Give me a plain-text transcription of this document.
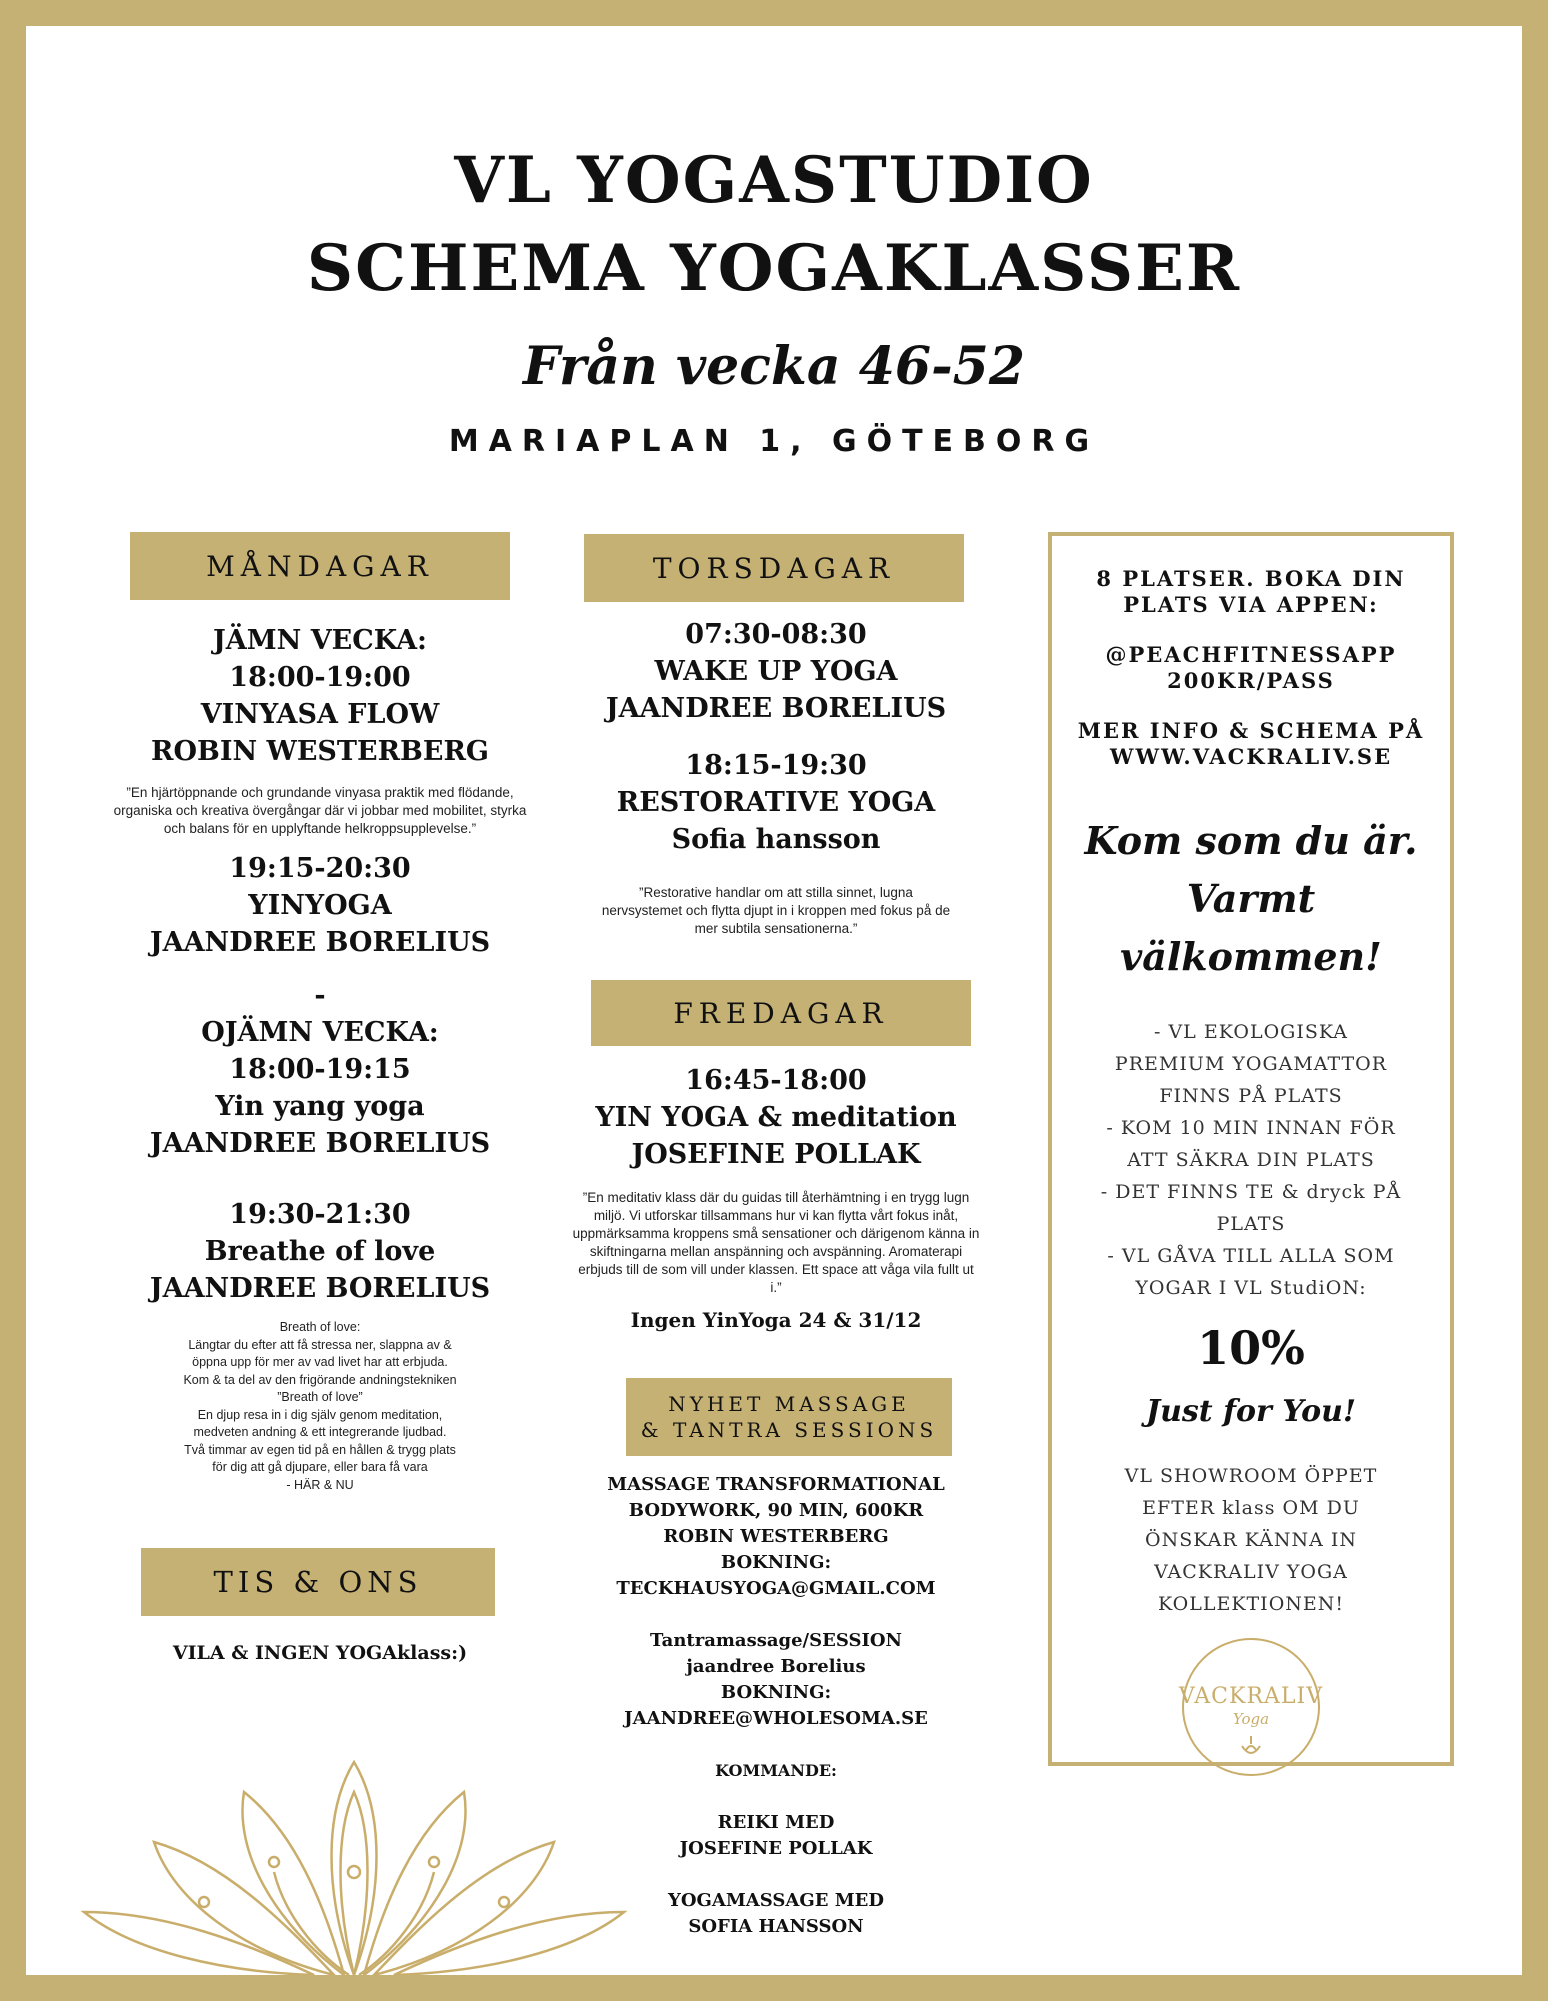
VL YOGASTUDIO
SCHEMA YOGAKLASSER
Från vecka 46-52
MARIAPLAN 1, GÖTEBORG
MÅNDAGAR
JÄMN VECKA:
18:00-19:00
VINYASA FLOW
ROBIN WESTERBERG
”En hjärtöppnande och grundande vinyasa praktik med flödande, organiska och kreativa övergångar där vi jobbar med mobilitet, styrka och balans för en upplyftande helkroppsupplevelse.”
19:15-20:30
YINYOGA
JAANDREE BORELIUS
-
OJÄMN VECKA:
18:00-19:15
Yin yang yoga
JAANDREE BORELIUS
19:30-21:30
Breathe of love
JAANDREE BORELIUS
Breath of love:
Längtar du efter att få stressa ner, slappna av &
öppna upp för mer av vad livet har att erbjuda.
Kom & ta del av den frigörande andningstekniken
”Breath of love”
En djup resa in i dig själv genom meditation,
medveten andning & ett integrerande ljudbad.
Två timmar av egen tid på en hållen & trygg plats
för dig att gå djupare, eller bara få vara
- HÄR & NU
TIS & ONS
VILA & INGEN YOGAklass:)
TORSDAGAR
07:30-08:30
WAKE UP YOGA
JAANDREE BORELIUS
18:15-19:30
RESTORATIVE YOGA
Sofia hansson
”Restorative handlar om att stilla sinnet, lugna nervsystemet och flytta djupt in i kroppen med fokus på de mer subtila sensationerna.”
FREDAGAR
16:45-18:00
YIN YOGA & meditation
JOSEFINE POLLAK
”En meditativ klass där du guidas till återhämtning i en trygg lugn miljö. Vi utforskar tillsammans hur vi kan flytta vårt fokus inåt, uppmärksamma kroppens små sensationer och därigenom känna in skiftningarna mellan anspänning och avspänning. Aromaterapi erbjuds till de som vill under klassen. Ett space att våga vila fullt ut i.”
Ingen YinYoga 24 & 31/12
NYHET MASSAGE
& TANTRA SESSIONS
MASSAGE TRANSFORMATIONAL
BODYWORK, 90 MIN, 600KR
ROBIN WESTERBERG
BOKNING:
TECKHAUSYOGA@GMAIL.COM
Tantramassage/SESSION
jaandree Borelius
BOKNING:
JAANDREE@WHOLESOMA.SE
KOMMANDE:
REIKI MED
JOSEFINE POLLAK
YOGAMASSAGE MED
SOFIA HANSSON
8 PLATSER. BOKA DIN
PLATS VIA APPEN:
@PEACHFITNESSAPP
200KR/PASS
MER INFO & SCHEMA PÅ
WWW.VACKRALIV.SE
Kom som du är.
Varmt välkommen!
- VL EKOLOGISKA
PREMIUM YOGAMATTOR
FINNS PÅ PLATS
- KOM 10 MIN INNAN FÖR
ATT SÄKRA DIN PLATS
- DET FINNS TE & dryck PÅ
PLATS
- VL GÅVA TILL ALLA SOM
YOGAR I VL StudiON:
10%
Just for You!
VL SHOWROOM ÖPPET
EFTER klass OM DU
ÖNSKAR KÄNNA IN
VACKRALIV YOGA
KOLLEKTIONEN!
VACKRALIV
Yoga
